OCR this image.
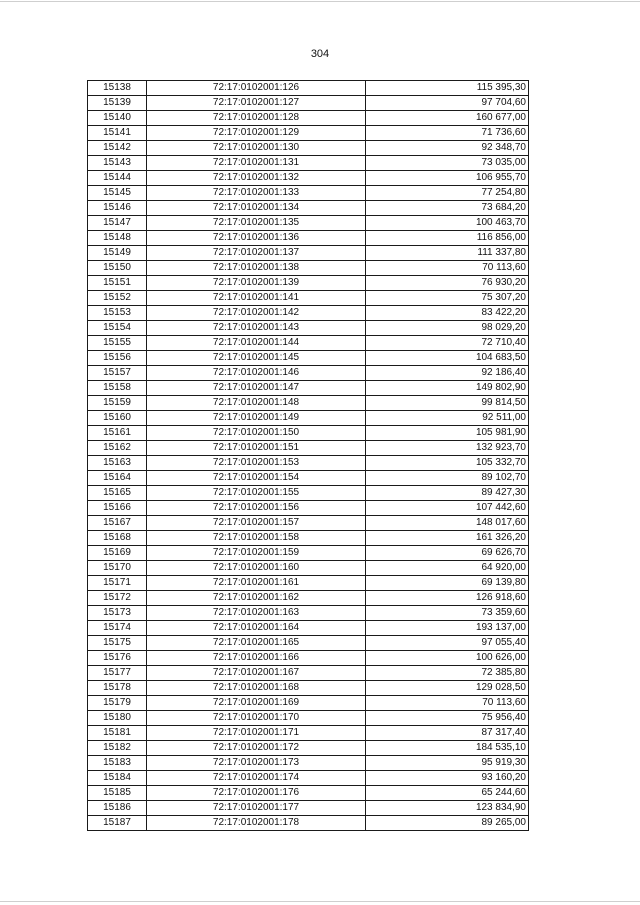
304
15138	72:17:0102001:126	115 395,30
15139	72:17:0102001:127	97 704,60
15140	72:17:0102001:128	160 677,00
15141	72:17:0102001:129	71 736,60
15142	72:17:0102001:130	92 348,70
15143	72:17:0102001:131	73 035,00
15144	72:17:0102001:132	106 955,70
15145	72:17:0102001:133	77 254,80
15146	72:17:0102001:134	73 684,20
15147	72:17:0102001:135	100 463,70
15148	72:17:0102001:136	116 856,00
15149	72:17:0102001:137	111 337,80
15150	72:17:0102001:138	70 113,60
15151	72:17:0102001:139	76 930,20
15152	72:17:0102001:141	75 307,20
15153	72:17:0102001:142	83 422,20
15154	72:17:0102001:143	98 029,20
15155	72:17:0102001:144	72 710,40
15156	72:17:0102001:145	104 683,50
15157	72:17:0102001:146	92 186,40
15158	72:17:0102001:147	149 802,90
15159	72:17:0102001:148	99 814,50
15160	72:17:0102001:149	92 511,00
15161	72:17:0102001:150	105 981,90
15162	72:17:0102001:151	132 923,70
15163	72:17:0102001:153	105 332,70
15164	72:17:0102001:154	89 102,70
15165	72:17:0102001:155	89 427,30
15166	72:17:0102001:156	107 442,60
15167	72:17:0102001:157	148 017,60
15168	72:17:0102001:158	161 326,20
15169	72:17:0102001:159	69 626,70
15170	72:17:0102001:160	64 920,00
15171	72:17:0102001:161	69 139,80
15172	72:17:0102001:162	126 918,60
15173	72:17:0102001:163	73 359,60
15174	72:17:0102001:164	193 137,00
15175	72:17:0102001:165	97 055,40
15176	72:17:0102001:166	100 626,00
15177	72:17:0102001:167	72 385,80
15178	72:17:0102001:168	129 028,50
15179	72:17:0102001:169	70 113,60
15180	72:17:0102001:170	75 956,40
15181	72:17:0102001:171	87 317,40
15182	72:17:0102001:172	184 535,10
15183	72:17:0102001:173	95 919,30
15184	72:17:0102001:174	93 160,20
15185	72:17:0102001:176	65 244,60
15186	72:17:0102001:177	123 834,90
15187	72:17:0102001:178	89 265,00
